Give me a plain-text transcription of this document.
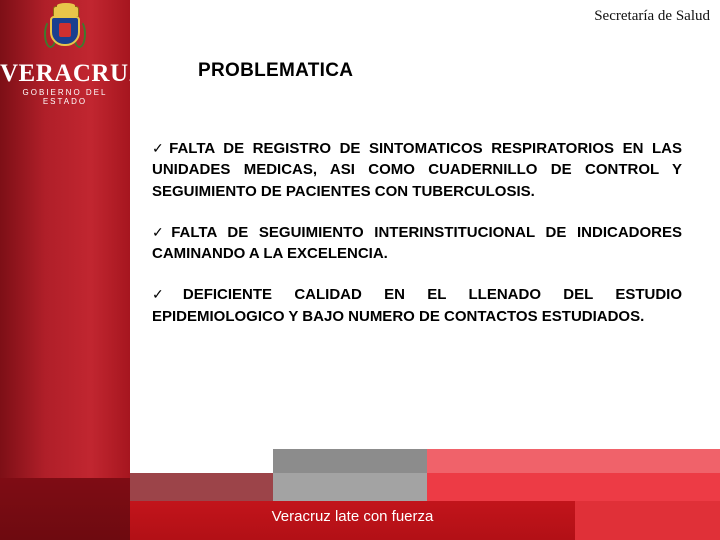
VERACRUZ
GOBIERNO DEL ESTADO
Secretaría de Salud
PROBLEMATICA
✓FALTA DE REGISTRO DE SINTOMATICOS RESPIRATORIOS EN LAS UNIDADES MEDICAS, ASI COMO CUADERNILLO DE CONTROL Y SEGUIMIENTO DE PACIENTES CON TUBERCULOSIS.
✓FALTA DE SEGUIMIENTO INTERINSTITUCIONAL DE INDICADORES CAMINANDO A LA EXCELENCIA.
✓DEFICIENTE CALIDAD EN EL LLENADO DEL ESTUDIO EPIDEMIOLOGICO Y BAJO NUMERO DE CONTACTOS ESTUDIADOS.
Veracruz late con fuerza
